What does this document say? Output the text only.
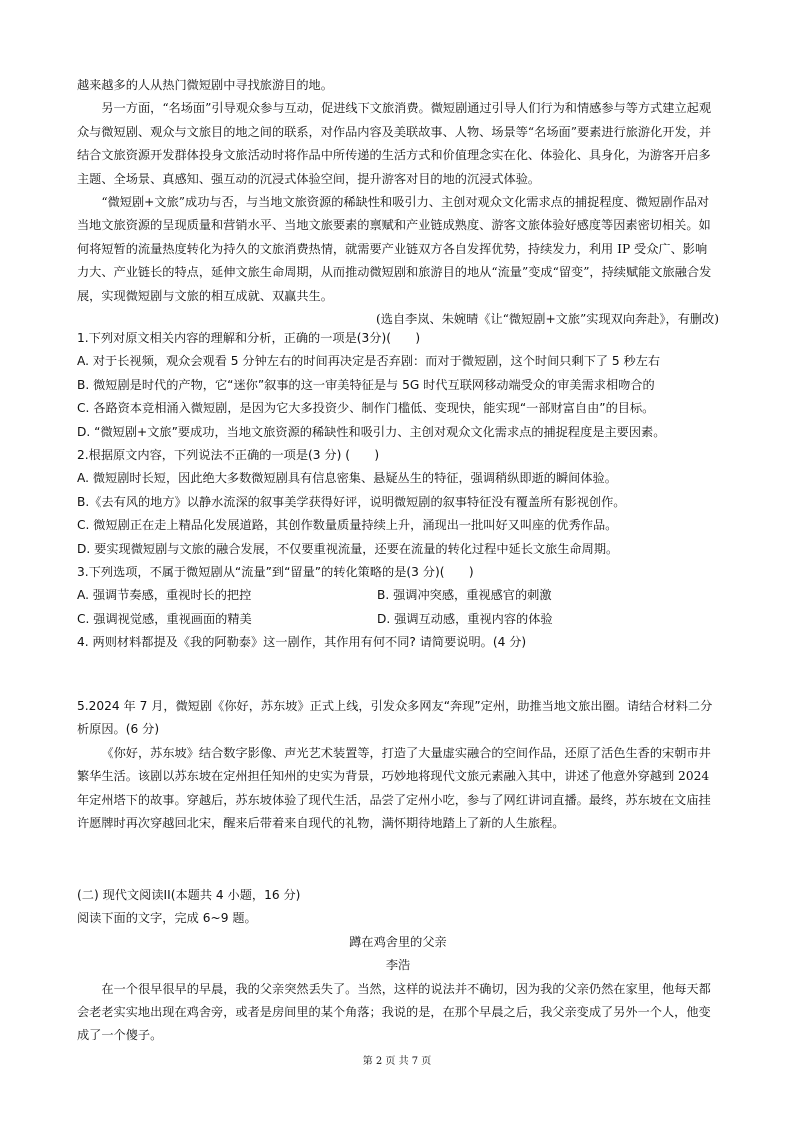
越来越多的人从热门微短剧中寻找旅游目的地。

另一方面，“名场面”引导观众参与互动，促进线下文旅消费。微短剧通过引导人们行为和情感参与等方式建立起观众与微短剧、观众与文旅目的地之间的联系，对作品内容及美联故事、人物、场景等“名场面”要素进行旅游化开发，并结合文旅资源开发群体投身文旅活动时将作品中所传递的生活方式和价值理念实在化、体验化、具身化，为游客开启多主题、全场景、真感知、强互动的沉浸式体验空间，提升游客对目的地的沉浸式体验。

“微短剧+文旅”成功与否，与当地文旅资源的稀缺性和吸引力、主创对观众文化需求点的捕捉程度、微短剧作品对当地文旅资源的呈现质量和营销水平、当地文旅要素的禀赋和产业链成熟度、游客文旅体验好感度等因素密切相关。如何将短暂的流量热度转化为持久的文旅消费热情，就需要产业链双方各自发挥优势，持续发力，利用 IP 受众广、影响力大、产业链长的特点，延伸文旅生命周期，从而推动微短剧和旅游目的地从“流量”变成“留变”，持续赋能文旅融合发展，实现微短剧与文旅的相互成就、双赢共生。

(选自李岚、朱婉晴《让“微短剧+文旅”实现双向奔赴》，有删改)

1.下列对原文相关内容的理解和分析，正确的一项是(3分)(　　)

A. 对于长视频，观众会观看 5 分钟左右的时间再决定是否弃剧：而对于微短剧，这个时间只剩下了 5 秒左右

B. 微短剧是时代的产物，它“迷你”叙事的这一审美特征是与 5G 时代互联网移动端受众的审美需求相吻合的

C. 各路资本竞相涌入微短剧，是因为它大多投资少、制作门槛低、变现快，能实现“一部财富自由”的目标。

D. “微短剧+文旅”要成功，当地文旅资源的稀缺性和吸引力、主创对观众文化需求点的捕捉程度是主要因素。

2.根据原文内容，下列说法不正确的一项是(3 分) (　　)

A. 微短剧时长短，因此绝大多数微短剧具有信息密集、悬疑丛生的特征，强调稍纵即逝的瞬间体验。

B.《去有风的地方》以静水流深的叙事美学获得好评，说明微短剧的叙事特征没有覆盖所有影视创作。

C. 微短剧正在走上精品化发展道路，其创作数量质量持续上升，涌现出一批叫好又叫座的优秀作品。

D. 要实现微短剧与文旅的融合发展，不仅要重视流量，还要在流量的转化过程中延长文旅生命周期。

3.下列选项，不属于微短剧从“流量”到“留量”的转化策略的是(3 分)(　　)

A. 强调节奏感，重视时长的把控	B. 强调冲突感，重视感官的刺激
C. 强调视觉感，重视画面的精美	D. 强调互动感，重视内容的体验

4. 两则材料都提及《我的阿勒泰》这一剧作，其作用有何不同? 请简要说明。(4 分)

5.2024 年 7 月，微短剧《你好，苏东坡》正式上线，引发众多网友“奔现”定州，助推当地文旅出圈。请结合材料二分析原因。(6 分)

《你好，苏东坡》结合数字影像、声光艺术装置等，打造了大量虚实融合的空间作品，还原了活色生香的宋朝市井繁华生活。该剧以苏东坡在定州担任知州的史实为背景，巧妙地将现代文旅元素融入其中，讲述了他意外穿越到 2024 年定州塔下的故事。穿越后，苏东坡体验了现代生活，品尝了定州小吃，参与了网红讲词直播。最终，苏东坡在文庙挂许愿牌时再次穿越回北宋，醒来后带着来自现代的礼物，满怀期待地踏上了新的人生旅程。

(二) 现代文阅读II(本题共 4 小题，16 分)

阅读下面的文字，完成 6~9 题。

蹲在鸡舍里的父亲

李浩

在一个很早很早的早晨，我的父亲突然丢失了。当然，这样的说法并不确切，因为我的父亲仍然在家里，他每天都会老老实实地出现在鸡舍旁，或者是房间里的某个角落；我说的是，在那个早晨之后，我父亲变成了另外一个人，他变成了一个傻子。

第 2 页 共 7 页
